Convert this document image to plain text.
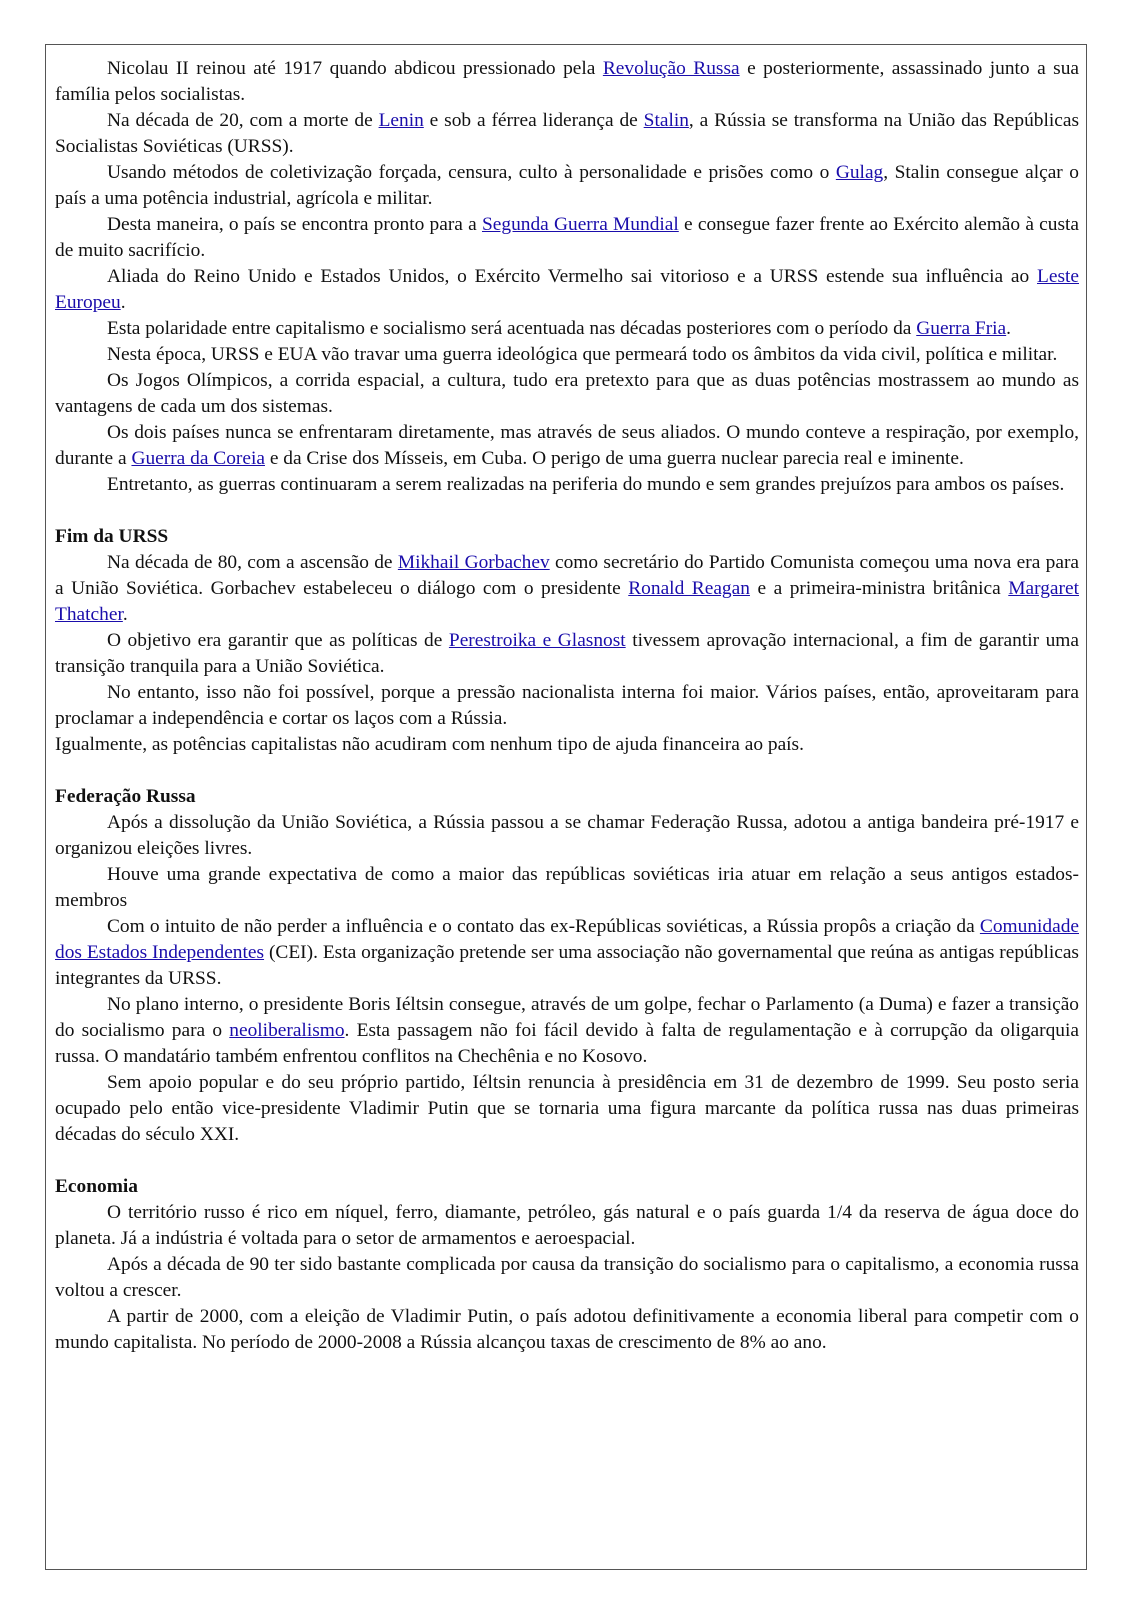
Nicolau II reinou até 1917 quando abdicou pressionado pela Revolução Russa e posteriormente, assassinado junto a sua família pelos socialistas.

Na década de 20, com a morte de Lenin e sob a férrea liderança de Stalin, a Rússia se transforma na União das Repúblicas Socialistas Soviéticas (URSS).

Usando métodos de coletivização forçada, censura, culto à personalidade e prisões como o Gulag, Stalin consegue alçar o país a uma potência industrial, agrícola e militar.

Desta maneira, o país se encontra pronto para a Segunda Guerra Mundial e consegue fazer frente ao Exército alemão à custa de muito sacrifício.

Aliada do Reino Unido e Estados Unidos, o Exército Vermelho sai vitorioso e a URSS estende sua influência ao Leste Europeu.

Esta polaridade entre capitalismo e socialismo será acentuada nas décadas posteriores com o período da Guerra Fria.

Nesta época, URSS e EUA vão travar uma guerra ideológica que permeará todo os âmbitos da vida civil, política e militar.

Os Jogos Olímpicos, a corrida espacial, a cultura, tudo era pretexto para que as duas potências mostrassem ao mundo as vantagens de cada um dos sistemas.

Os dois países nunca se enfrentaram diretamente, mas através de seus aliados. O mundo conteve a respiração, por exemplo, durante a Guerra da Coreia e da Crise dos Mísseis, em Cuba. O perigo de uma guerra nuclear parecia real e iminente.

Entretanto, as guerras continuaram a serem realizadas na periferia do mundo e sem grandes prejuízos para ambos os países.

Fim da URSS

Na década de 80, com a ascensão de Mikhail Gorbachev como secretário do Partido Comunista começou uma nova era para a União Soviética. Gorbachev estabeleceu o diálogo com o presidente Ronald Reagan e a primeira-ministra britânica Margaret Thatcher.

O objetivo era garantir que as políticas de Perestroika e Glasnost tivessem aprovação internacional, a fim de garantir uma transição tranquila para a União Soviética.

No entanto, isso não foi possível, porque a pressão nacionalista interna foi maior. Vários países, então, aproveitaram para proclamar a independência e cortar os laços com a Rússia.

Igualmente, as potências capitalistas não acudiram com nenhum tipo de ajuda financeira ao país.

Federação Russa

Após a dissolução da União Soviética, a Rússia passou a se chamar Federação Russa, adotou a antiga bandeira pré-1917 e organizou eleições livres.

Houve uma grande expectativa de como a maior das repúblicas soviéticas iria atuar em relação a seus antigos estados-membros

Com o intuito de não perder a influência e o contato das ex-Repúblicas soviéticas, a Rússia propôs a criação da Comunidade dos Estados Independentes (CEI). Esta organização pretende ser uma associação não governamental que reúna as antigas repúblicas integrantes da URSS.

No plano interno, o presidente Boris Iéltsin consegue, através de um golpe, fechar o Parlamento (a Duma) e fazer a transição do socialismo para o neoliberalismo. Esta passagem não foi fácil devido à falta de regulamentação e à corrupção da oligarquia russa. O mandatário também enfrentou conflitos na Chechênia e no Kosovo.

Sem apoio popular e do seu próprio partido, Iéltsin renuncia à presidência em 31 de dezembro de 1999. Seu posto seria ocupado pelo então vice-presidente Vladimir Putin que se tornaria uma figura marcante da política russa nas duas primeiras décadas do século XXI.

Economia

O território russo é rico em níquel, ferro, diamante, petróleo, gás natural e o país guarda 1/4 da reserva de água doce do planeta. Já a indústria é voltada para o setor de armamentos e aeroespacial.

Após a década de 90 ter sido bastante complicada por causa da transição do socialismo para o capitalismo, a economia russa voltou a crescer.

A partir de 2000, com a eleição de Vladimir Putin, o país adotou definitivamente a economia liberal para competir com o mundo capitalista. No período de 2000-2008 a Rússia alcançou taxas de crescimento de 8% ao ano.
